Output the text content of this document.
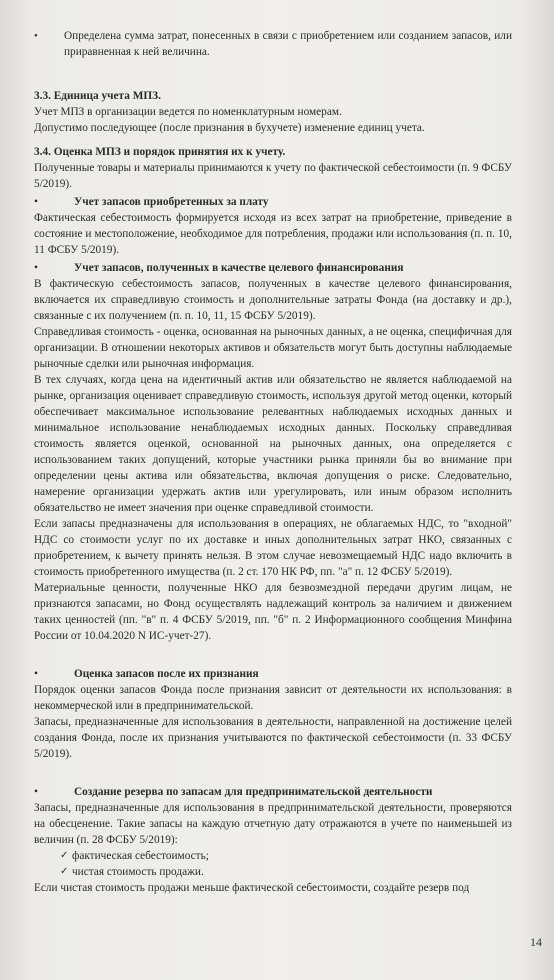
• Определена сумма затрат, понесенных в связи с приобретением или созданием запасов, или приравненная к ней величина.

3.3. Единица учета МПЗ.

Учет МПЗ в организации ведется по номенклатурным номерам.

Допустимо последующее (после признания в бухучете) изменение единиц учета.

3.4. Оценка МПЗ и порядок принятия их к учету.

Полученные товары и материалы принимаются к учету по фактической себестоимости (п. 9 ФСБУ 5/2019).

•	Учет запасов приобретенных за плату

Фактическая себестоимость формируется исходя из всех затрат на приобретение, приведение в состояние и местоположение, необходимое для потребления, продажи или использования (п. п. 10, 11 ФСБУ 5/2019).

•	Учет запасов, полученных в качестве целевого финансирования

В фактическую себестоимость запасов, полученных в качестве целевого финансирования, включается их справедливую стоимость и дополнительные затраты Фонда (на доставку и др.), связанные с их получением (п. п. 10, 11, 15 ФСБУ 5/2019).

Справедливая стоимость - оценка, основанная на рыночных данных, а не оценка, специфичная для организации. В отношении некоторых активов и обязательств могут быть доступны наблюдаемые рыночные сделки или рыночная информация.

В тех случаях, когда цена на идентичный актив или обязательство не является наблюдаемой на рынке, организация оценивает справедливую стоимость, используя другой метод оценки, который обеспечивает максимальное использование релевантных наблюдаемых исходных данных и минимальное использование ненаблюдаемых исходных данных. Поскольку справедливая стоимость является оценкой, основанной на рыночных данных, она определяется с использованием таких допущений, которые участники рынка приняли бы во внимание при определении цены актива или обязательства, включая допущения о риске. Следовательно, намерение организации удержать актив или урегулировать, или иным образом исполнить обязательство не имеет значения при оценке справедливой стоимости.

Если запасы предназначены для использования в операциях, не облагаемых НДС, то "входной" НДС со стоимости услуг по их доставке и иных дополнительных затрат НКО, связанных с приобретением, к вычету принять нельзя. В этом случае невозмещаемый НДС надо включить в стоимость приобретенного имущества (п. 2 ст. 170 НК РФ, пп. "а" п. 12 ФСБУ 5/2019).

Материальные ценности, полученные НКО для безвозмездной передачи другим лицам, не признаются запасами, но Фонд осуществлять надлежащий контроль за наличием и движением таких ценностей (пп. "в" п. 4 ФСБУ 5/2019, пп. "б" п. 2 Информационного сообщения Минфина России от 10.04.2020 N ИС-учет-27).

•	Оценка запасов после их признания

Порядок оценки запасов Фонда после признания зависит от деятельности их использования: в некоммерческой или в предпринимательской.

Запасы, предназначенные для использования в деятельности, направленной на достижение целей создания Фонда, после их признания учитываются по фактической себестоимости (п. 33 ФСБУ 5/2019).

•	Создание резерва по запасам для предпринимательской деятельности

Запасы, предназначенные для использования в предпринимательской деятельности, проверяются на обесценение. Такие запасы на каждую отчетную дату отражаются в учете по наименьшей из величин (п. 28 ФСБУ 5/2019):

✓ фактическая себестоимость;
✓ чистая стоимость продажи.

Если чистая стоимость продажи меньше фактической себестоимости, создайте резерв под

14
